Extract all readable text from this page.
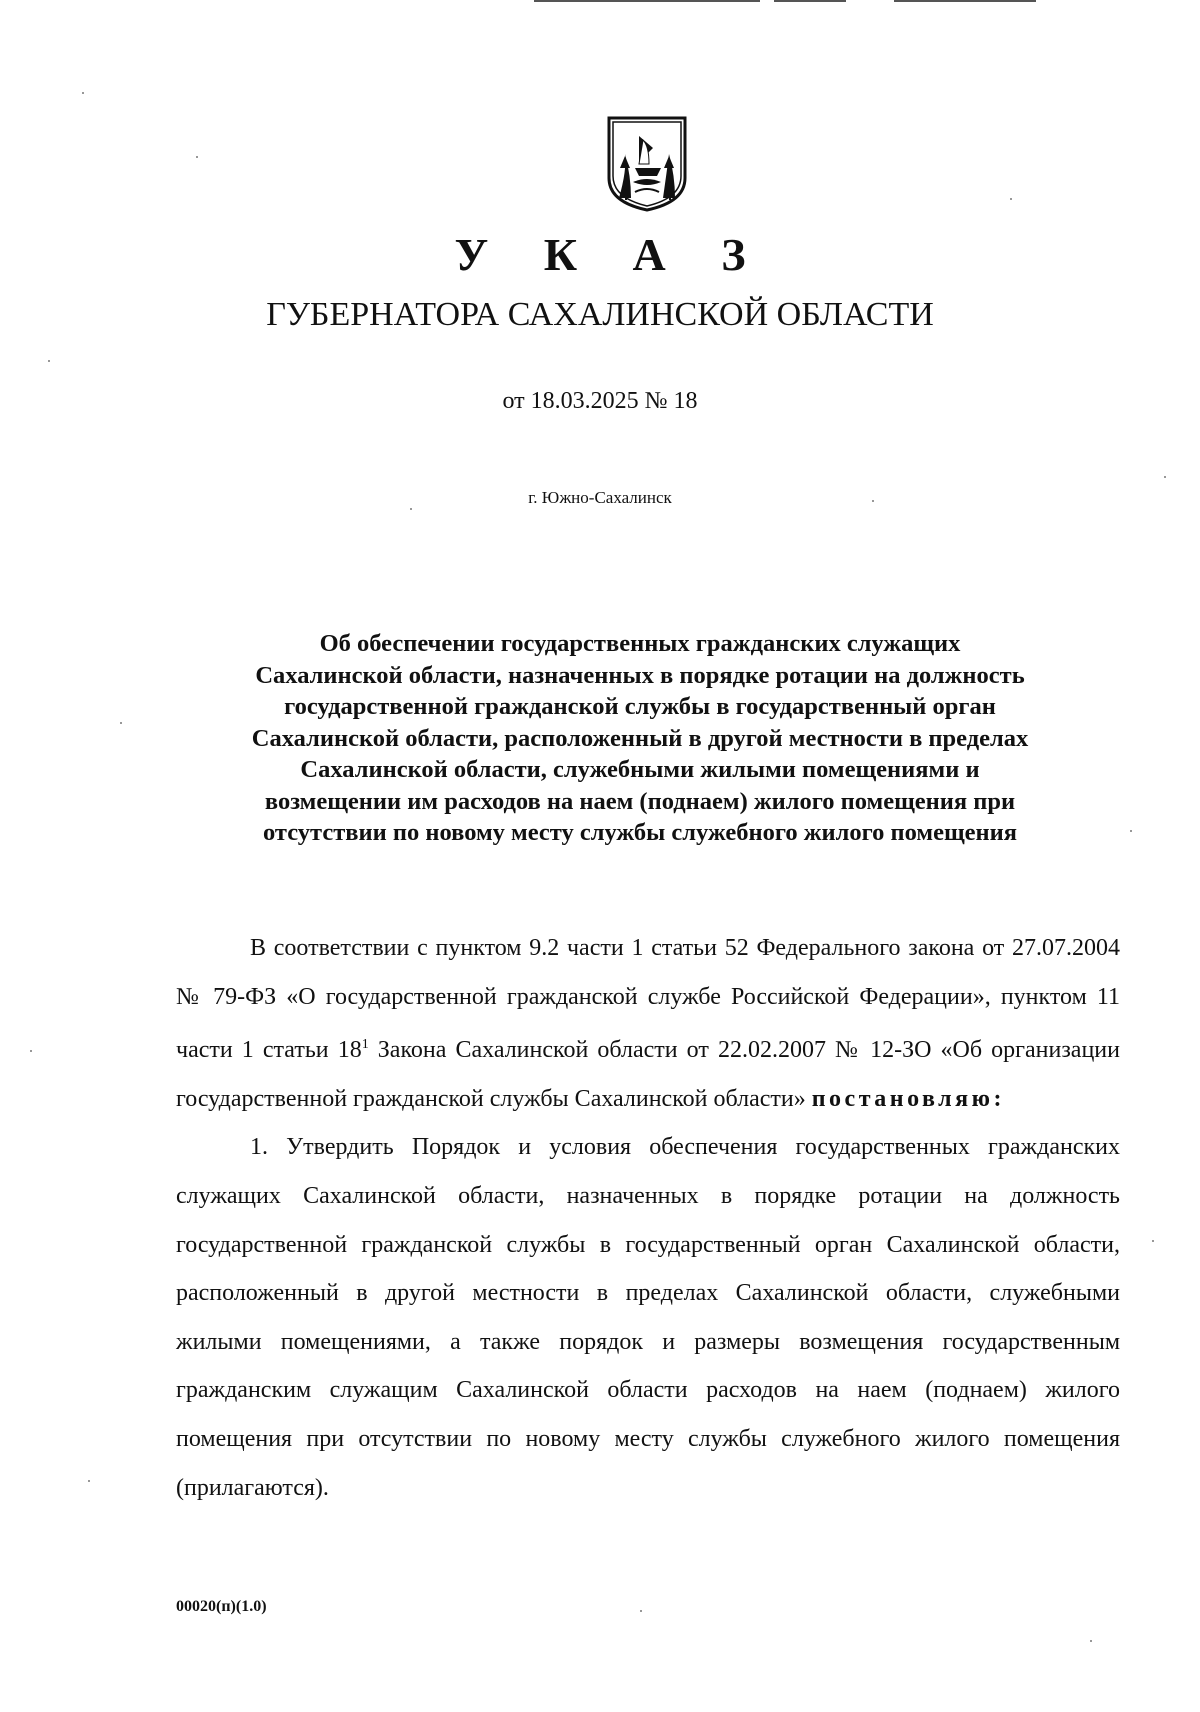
У К А З
ГУБЕРНАТОРА САХАЛИНСКОЙ ОБЛАСТИ
от 18.03.2025 № 18
г. Южно-Сахалинск
Об обеспечении государственных гражданских служащих
Сахалинской области, назначенных в порядке ротации на должность
государственной гражданской службы в государственный орган
Сахалинской области, расположенный в другой местности в пределах
Сахалинской области, служебными жилыми помещениями и
возмещении им расходов на наем (поднаем) жилого помещения при
отсутствии по новому месту службы служебного жилого помещения

В соответствии с пунктом 9.2 части 1 статьи 52 Федерального закона от 27.07.2004 № 79-ФЗ «О государственной гражданской службе Российской Федерации», пунктом 11 части 1 статьи $18^1$ Закона Сахалинской области от 22.02.2007 № 12-ЗО «Об организации государственной гражданской службы Сахалинской области» постановляю:

1. Утвердить Порядок и условия обеспечения государственных гражданских служащих Сахалинской области, назначенных в порядке ротации на должность государственной гражданской службы в государственный орган Сахалинской области, расположенный в другой местности в пределах Сахалинской области, служебными жилыми помещениями, а также порядок и размеры возмещения государственным гражданским служащим Сахалинской области расходов на наем (поднаем) жилого помещения при отсутствии по новому месту службы служебного жилого помещения (прилагаются).

00020(п)(1.0)
